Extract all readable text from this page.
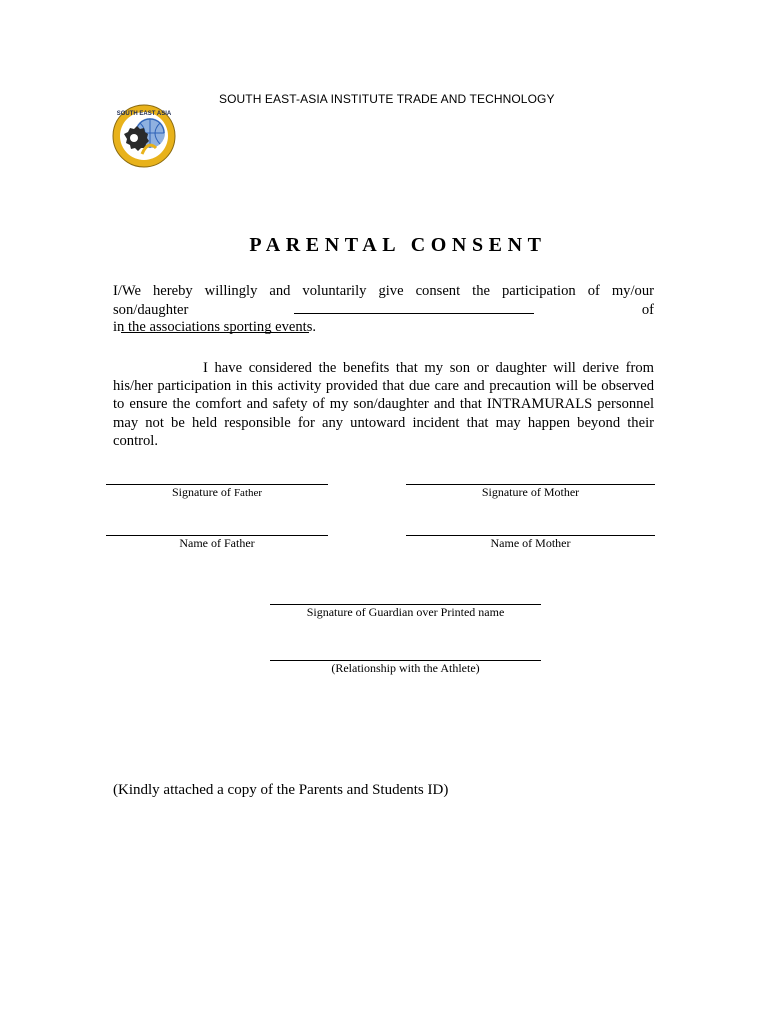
SOUTH EAST-ASIA INSTITUTE TRADE AND TECHNOLOGY
SOUTH EAST ASIA
PARENTAL CONSENT
I/We hereby willingly and voluntarily give consent the participation of my/our
son/daughter	of
in the associations sporting events.
I have considered the benefits that my son or daughter will derive from his/her participation in this activity provided that due care and precaution will be observed to ensure the comfort and safety of my son/daughter and that INTRAMURALS personnel may not be held responsible for any untoward incident that may happen beyond their control.
Signature of Father	Signature of Mother
Name of Father	Name of Mother
Signature of Guardian over Printed name
(Relationship with the Athlete)
(Kindly attached a copy of the Parents and Students ID)
